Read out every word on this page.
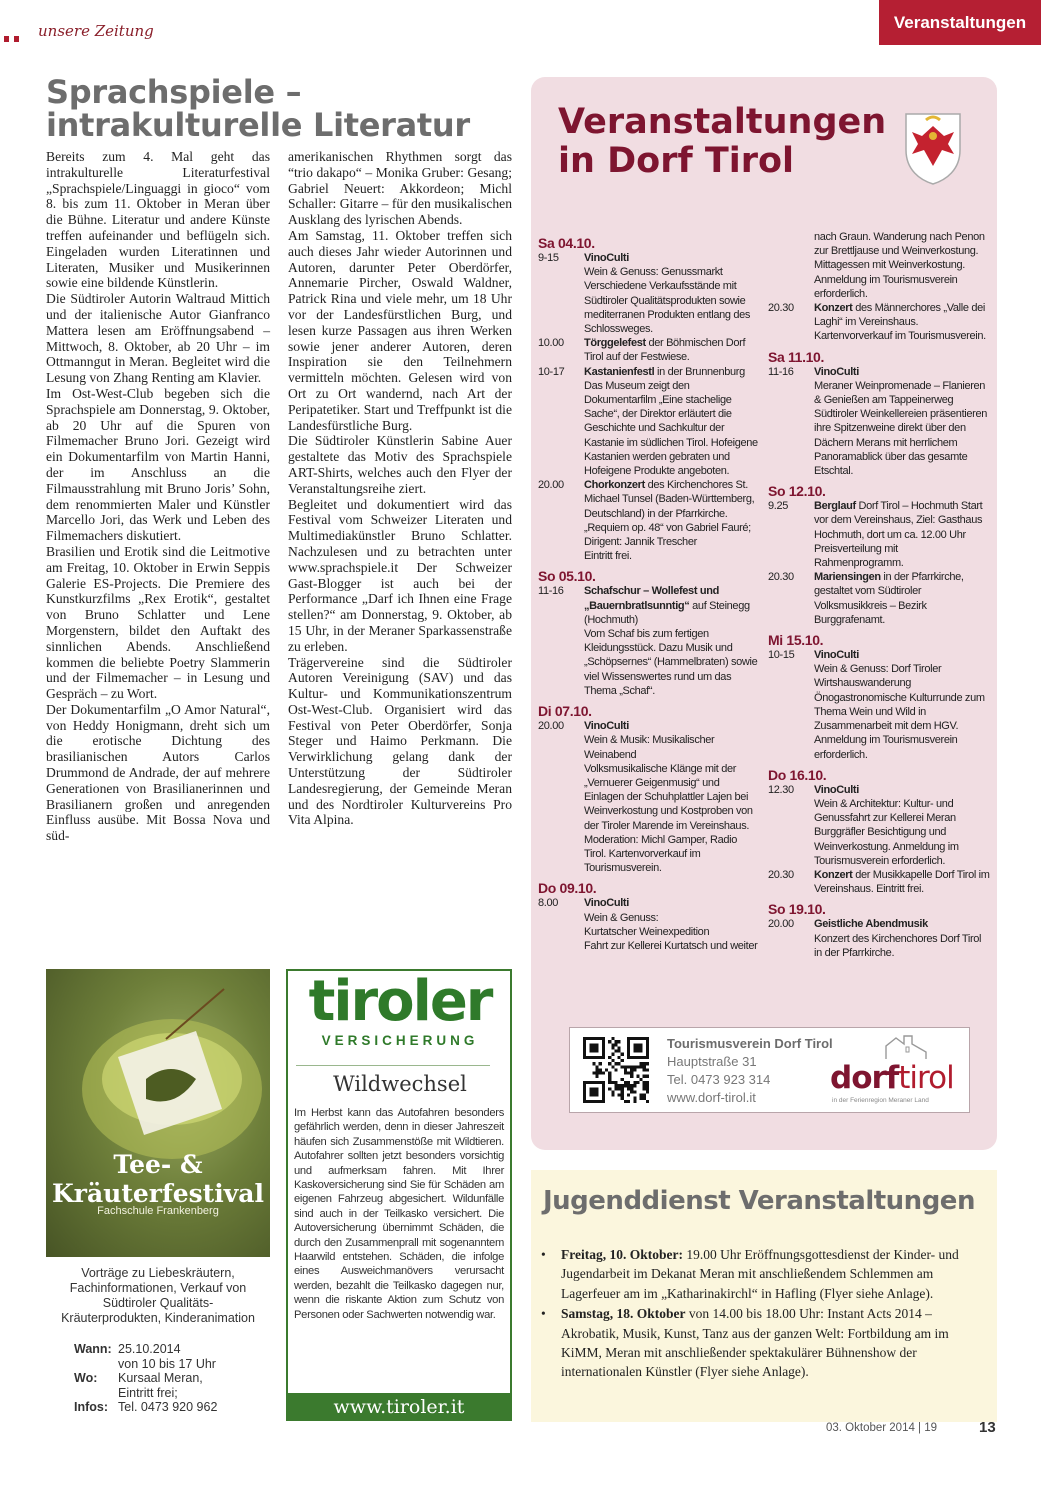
unsere Zeitung	Veranstaltungen
Sprachspiele –
intrakulturelle Literatur

Bereits zum 4. Mal geht das intrakulturelle Literaturfestival „Sprachspiele/Linguaggi in gioco“ vom 8. bis zum 11. Oktober in Meran über die Bühne. Literatur und andere Künste treffen aufeinander und beflügeln sich. Eingeladen wurden Literatinnen und Literaten, Musiker und Musikerinnen sowie eine bildende Künstlerin.

Die Südtiroler Autorin Waltraud Mittich und der italienische Autor Gianfranco Mattera lesen am Eröffnungsabend – Mittwoch, 8. Oktober, ab 20 Uhr – im Ottmanngut in Meran. Begleitet wird die Lesung von Zhang Renting am Klavier.

Im Ost-West-Club begeben sich die Sprachspiele am Donnerstag, 9. Oktober, ab 20 Uhr auf die Spuren von Filmemacher Bruno Jori. Gezeigt wird ein Dokumentarfilm von Martin Hanni, der im Anschluss an die Filmausstrahlung mit Bruno Joris’ Sohn, dem renommierten Maler und Künstler Marcello Jori, das Werk und Leben des Filmemachers diskutiert.

Brasilien und Erotik sind die Leitmotive am Freitag, 10. Oktober in Erwin Seppis Galerie ES-Projects. Die Premiere des Kunstkurzfilms „Rex Erotik“, gestaltet von Bruno Schlatter und Lene Morgenstern, bildet den Auftakt des sinnlichen Abends. Anschließend kommen die beliebte Poetry Slammerin und der Filmemacher – in Lesung und Gespräch – zu Wort.

Der Dokumentarfilm „O Amor Natural“, von Heddy Honigmann, dreht sich um die erotische Dichtung des brasilianischen Autors Carlos Drummond de Andrade, der auf mehrere Generationen von Brasilianerinnen und Brasilianern großen und anregenden Einfluss ausübe. Mit Bossa Nova und süd-

amerikanischen Rhythmen sorgt das “trio dakapo“ – Monika Gruber: Gesang; Gabriel Neuert: Akkordeon; Michl Schaller: Gitarre – für den musikalischen Ausklang des lyrischen Abends.

Am Samstag, 11. Oktober treffen sich auch dieses Jahr wieder Autorinnen und Autoren, darunter Peter Oberdörfer, Annemarie Pircher, Oswald Waldner, Patrick Rina und viele mehr, um 18 Uhr vor der Landesfürstlichen Burg, und lesen kurze Passagen aus ihren Werken sowie jener anderer Autoren, deren Inspiration sie den Teilnehmern vermitteln möchten. Gelesen wird von Ort zu Ort wandernd, nach Art der Peripatetiker. Start und Treffpunkt ist die Landesfürstliche Burg.

Die Südtiroler Künstlerin Sabine Auer gestaltete das Motiv des Sprachspiele ART-Shirts, welches auch den Flyer der Veranstaltungsreihe ziert.

Begleitet und dokumentiert wird das Festival vom Schweizer Literaten und Multimediakünstler Bruno Schlatter. Nachzulesen und zu betrachten unter www.sprachspiele.it Der Schweizer Gast-Blogger ist auch bei der Performance „Darf ich Ihnen eine Frage stellen?“ am Donnerstag, 9. Oktober, ab 15 Uhr, in der Meraner Sparkassenstraße zu erleben.

Trägervereine sind die Südtiroler Autoren Vereinigung (SAV) und das Kultur- und Kommunikationszentrum Ost-West-Club. Organisiert wird das Festival von Peter Oberdörfer, Sonja Steger und Haimo Perkmann. Die Verwirklichung gelang dank der Unterstützung der Südtiroler Landesregierung, der Gemeinde Meran und des Nordtiroler Kulturvereins Pro Vita Alpina.

Veranstaltungen
in Dorf Tirol
Sa 04.10.
9-15	VinoCulti
Wein & Genuss: Genussmarkt
Verschiedene Verkaufsstände mit Südtiroler Qualitätsprodukten sowie mediterranen Produkten entlang des Schlossweges.
10.00	Törggelefest der Böhmischen Dorf Tirol auf der Festwiese.
10-17	Kastanienfestl in der Brunnenburg Das Museum zeigt den Dokumentarfilm „Eine stachelige Sache“, der Direktor erläutert die Geschichte und Sachkultur der Kastanie im südlichen Tirol. Hofeigene Kastanien werden gebraten und Hofeigene Produkte angeboten.
20.00	Chorkonzert des Kirchenchores St. Michael Tunsel (Baden-Württemberg, Deutschland) in der Pfarrkirche.
„Requiem op. 48“ von Gabriel Fauré; Dirigent: Jannik Trescher
Eintritt frei.
So 05.10.
11-16	Schafschur – Wollefest und „Bauernbratlsunntig“ auf Steinegg (Hochmuth)
Vom Schaf bis zum fertigen Kleidungsstück. Dazu Musik und „Schöpsernes“ (Hammelbraten) sowie viel Wissenswertes rund um das Thema „Schaf“.
Di 07.10.
20.00	VinoCulti
Wein & Musik: Musikalischer Weinabend
Volksmusikalische Klänge mit der „Vernuerer Geigenmusig“ und Einlagen der Schuhplattler Lajen bei Weinverkostung und Kostproben von der Tiroler Marende im Vereinshaus. Moderation: Michl Gamper, Radio Tirol. Kartenvorverkauf im Tourismusverein.
Do 09.10.
8.00	VinoCulti
Wein & Genuss:
Kurtatscher Weinexpedition
Fahrt zur Kellerei Kurtatsch und weiter
nach Graun. Wanderung nach Penon zur Brettljause und Weinverkostung. Mittagessen mit Weinverkostung. Anmeldung im Tourismusverein erforderlich.
20.30	Konzert des Männerchores „Valle dei Laghi“ im Vereinshaus. Kartenvorverkauf im Tourismusverein.
Sa 11.10.
11-16	VinoCulti
Meraner Weinpromenade – Flanieren & Genießen am Tappeinerweg
Südtiroler Weinkellereien präsentieren ihre Spitzenweine direkt über den Dächern Merans mit herrlichem Panoramablick über das gesamte Etschtal.
So 12.10.
9.25	Berglauf Dorf Tirol – Hochmuth Start vor dem Vereinshaus, Ziel: Gasthaus Hochmuth, dort um ca. 12.00 Uhr Preisverteilung mit Rahmenprogramm.
20.30	Mariensingen in der Pfarrkirche, gestaltet vom Südtiroler Volksmusikkreis – Bezirk Burggrafenamt.
Mi 15.10.
10-15	VinoCulti
Wein & Genuss: Dorf Tiroler Wirtshauswanderung
Önogastronomische Kulturrunde zum Thema Wein und Wild in Zusammenarbeit mit dem HGV. Anmeldung im Tourismusverein erforderlich.
Do 16.10.
12.30	VinoCulti
Wein & Architektur: Kultur- und Genussfahrt zur Kellerei Meran Burggräfler Besichtigung und Weinverkostung. Anmeldung im Tourismusverein erforderlich.
20.30	Konzert der Musikkapelle Dorf Tirol im Vereinshaus. Eintritt frei.
So 19.10.
20.00	Geistliche Abendmusik
Konzert des Kirchenchores Dorf Tirol in der Pfarrkirche.
Tourismusverein Dorf Tirol
Hauptstraße 31
Tel. 0473 923 314
www.dorf-tirol.it
dorftirol
in der Ferienregion Meraner Land
Tee- &
Kräuterfestival
Fachschule Frankenberg
Vorträge zu Liebeskräutern, Fachinformationen, Verkauf von Südtiroler Qualitäts- Kräuterprodukten, Kinderanimation
Wann: 25.10.2014
von 10 bis 17 Uhr
Wo:	Kursaal Meran,
Eintritt frei;
Infos: Tel. 0473 920 962
tiroler
VERSICHERUNG
Wildwechsel
Im Herbst kann das Autofahren besonders gefährlich werden, denn in dieser Jahreszeit häufen sich Zusammenstöße mit Wildtieren. Autofahrer sollten jetzt besonders vorsichtig und aufmerksam fahren. Mit Ihrer Kaskoversicherung sind Sie für Schäden am eigenen Fahrzeug abgesichert. Wildunfälle sind auch in der Teilkasko versichert. Die Autoversicherung übernimmt Schäden, die durch den Zusammenprall mit sogenanntem Haarwild entstehen. Schäden, die infolge eines Ausweichmanövers verursacht werden, bezahlt die Teilkasko dagegen nur, wenn die riskante Aktion zum Schutz von Personen oder Sachwerten notwendig war.
www.tiroler.it
Jugenddienst Veranstaltungen
• Freitag, 10. Oktober: 19.00 Uhr Eröffnungsgottesdienst der Kinder- und Jugendarbeit im Dekanat Meran mit anschließendem Schlemmen am Lagerfeuer am im „Katharinakirchl“ in Hafling (Flyer siehe Anlage).
• Samstag, 18. Oktober von 14.00 bis 18.00 Uhr: Instant Acts 2014 – Akrobatik, Musik, Kunst, Tanz aus der ganzen Welt: Fortbildung am im KiMM, Meran mit anschließender spektakulärer Bühnenshow der internationalen Künstler (Flyer siehe Anlage).
03. Oktober 2014 | 19	13
